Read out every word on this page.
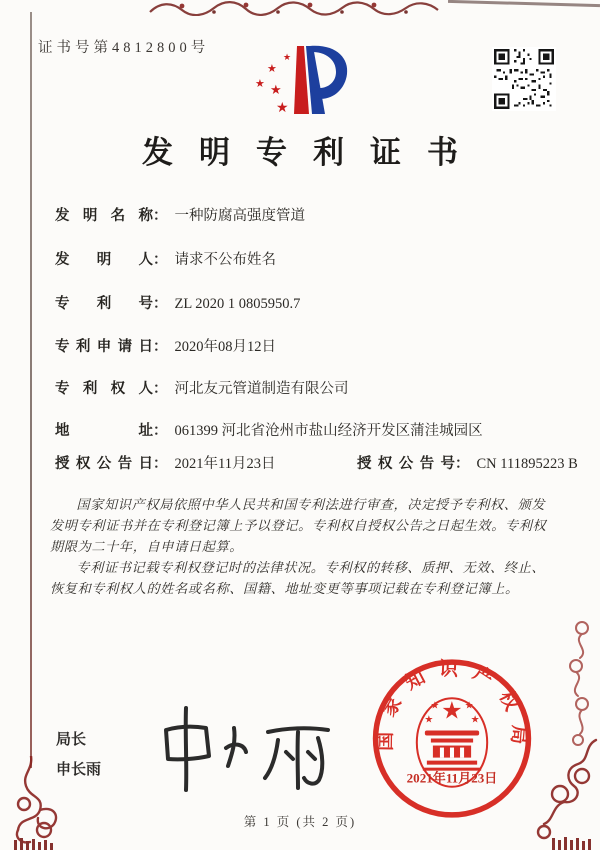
证书号第4812800号
★
★
★ ★
★
发明专利证书
发明名称： 一种防腐高强度管道
发明人： 请求不公布姓名
专利号： ZL 2020 1 0805950.7
专利申请日： 2020年08月12日
专利权人： 河北友元管道制造有限公司
地址： 061399 河北省沧州市盐山经济开发区蒲洼城园区
授权公告日： 2021年11月23日	授权公告号： CN 111895223 B

国家知识产权局依照中华人民共和国专利法进行审查，决定授予专利权、颁发发明专利证书并在专利登记簿上予以登记。专利权自授权公告之日起生效。专利权期限为二十年，自申请日起算。

专利证书记载专利权登记时的法律状况。专利权的转移、质押、无效、终止、恢复和专利权人的姓名或名称、国籍、地址变更等事项记载在专利登记簿上。

局长
申长雨
国家知识产权局
★
★	★
★	★
2021年11月23日
第 1 页 (共 2 页)
